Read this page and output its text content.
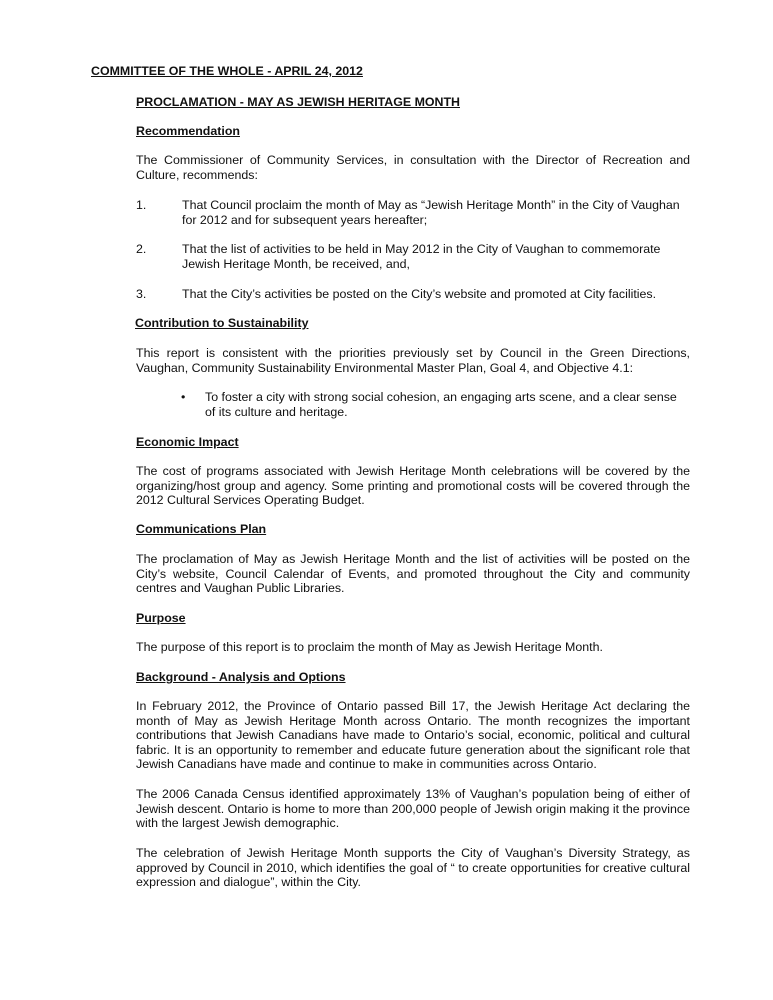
COMMITTEE OF THE WHOLE - APRIL 24, 2012
PROCLAMATION - MAY AS JEWISH HERITAGE MONTH
Recommendation
The Commissioner of Community Services, in consultation with the Director of Recreation and Culture, recommends:
1.	That Council proclaim the month of May as “Jewish Heritage Month” in the City of Vaughan for 2012 and for subsequent years hereafter;
2.	That the list of activities to be held in May 2012 in the City of Vaughan to commemorate Jewish Heritage Month, be received, and,
3.	That the City’s activities be posted on the City’s website and promoted at City facilities.
Contribution to Sustainability
This report is consistent with the priorities previously set by Council in the Green Directions, Vaughan, Community Sustainability Environmental Master Plan, Goal 4, and Objective 4.1:
• To foster a city with strong social cohesion, an engaging arts scene, and a clear sense of its culture and heritage.
Economic Impact
The cost of programs associated with Jewish Heritage Month celebrations will be covered by the organizing/host group and agency. Some printing and promotional costs will be covered through the 2012 Cultural Services Operating Budget.
Communications Plan
The proclamation of May as Jewish Heritage Month and the list of activities will be posted on the City’s website, Council Calendar of Events, and promoted throughout the City and community centres and Vaughan Public Libraries.
Purpose
The purpose of this report is to proclaim the month of May as Jewish Heritage Month.
Background - Analysis and Options
In February 2012, the Province of Ontario passed Bill 17, the Jewish Heritage Act declaring the month of May as Jewish Heritage Month across Ontario. The month recognizes the important contributions that Jewish Canadians have made to Ontario’s social, economic, political and cultural fabric. It is an opportunity to remember and educate future generation about the significant role that Jewish Canadians have made and continue to make in communities across Ontario.
The 2006 Canada Census identified approximately 13% of Vaughan’s population being of either of Jewish descent. Ontario is home to more than 200,000 people of Jewish origin making it the province with the largest Jewish demographic.
The celebration of Jewish Heritage Month supports the City of Vaughan’s Diversity Strategy, as approved by Council in 2010, which identifies the goal of “ to create opportunities for creative cultural expression and dialogue”, within the City.
